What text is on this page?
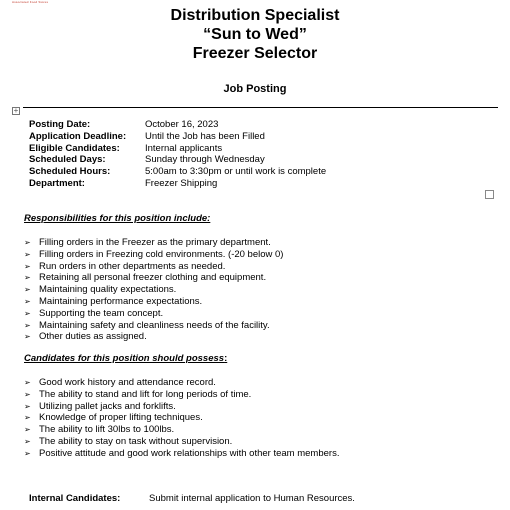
Associated Food Stores
Distribution Specialist
“Sun to Wed”
Freezer Selector
Job Posting
+
Posting Date:	October 16, 2023
Application Deadline:	Until the Job has been Filled
Eligible Candidates:	Internal applicants
Scheduled Days:	Sunday through Wednesday
Scheduled Hours:	5:00am to 3:30pm or until work is complete
Department:	Freezer Shipping
Responsibilities for this position include:
➢ Filling orders in the Freezer as the primary department.
➢ Filling orders in Freezing cold environments. (-20 below 0)
➢ Run orders in other departments as needed.
➢ Retaining all personal freezer clothing and equipment.
➢ Maintaining quality expectations.
➢ Maintaining performance expectations.
➢ Supporting the team concept.
➢ Maintaining safety and cleanliness needs of the facility.
➢ Other duties as assigned.
Candidates for this position should possess:
➢ Good work history and attendance record.
➢ The ability to stand and lift for long periods of time.
➢ Utilizing pallet jacks and forklifts.
➢ Knowledge of proper lifting techniques.
➢ The ability to lift 30lbs to 100lbs.
➢ The ability to stay on task without supervision.
➢ Positive attitude and good work relationships with other team members.
Internal Candidates:	Submit internal application to Human Resources.
